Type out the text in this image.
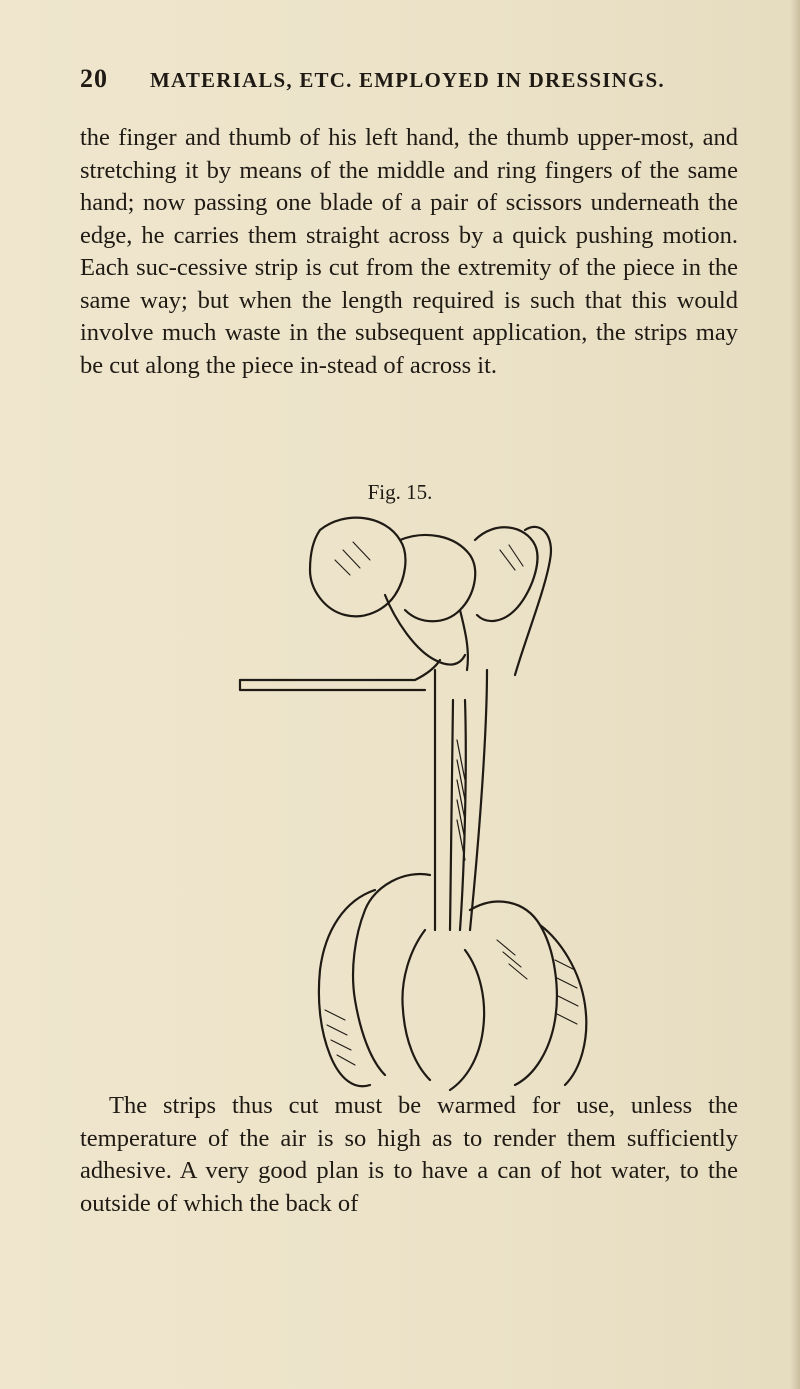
20 MATERIALS, ETC. EMPLOYED IN DRESSINGS.

the finger and thumb of his left hand, the thumb upper-most, and stretching it by means of the middle and ring fingers of the same hand; now passing one blade of a pair of scissors underneath the edge, he carries them straight across by a quick pushing motion. Each suc-cessive strip is cut from the extremity of the piece in the same way; but when the length required is such that this would involve much waste in the subsequent application, the strips may be cut along the piece in-stead of across it.

Fig. 15.

The strips thus cut must be warmed for use, unless the temperature of the air is so high as to render them sufficiently adhesive. A very good plan is to have a can of hot water, to the outside of which the back of
